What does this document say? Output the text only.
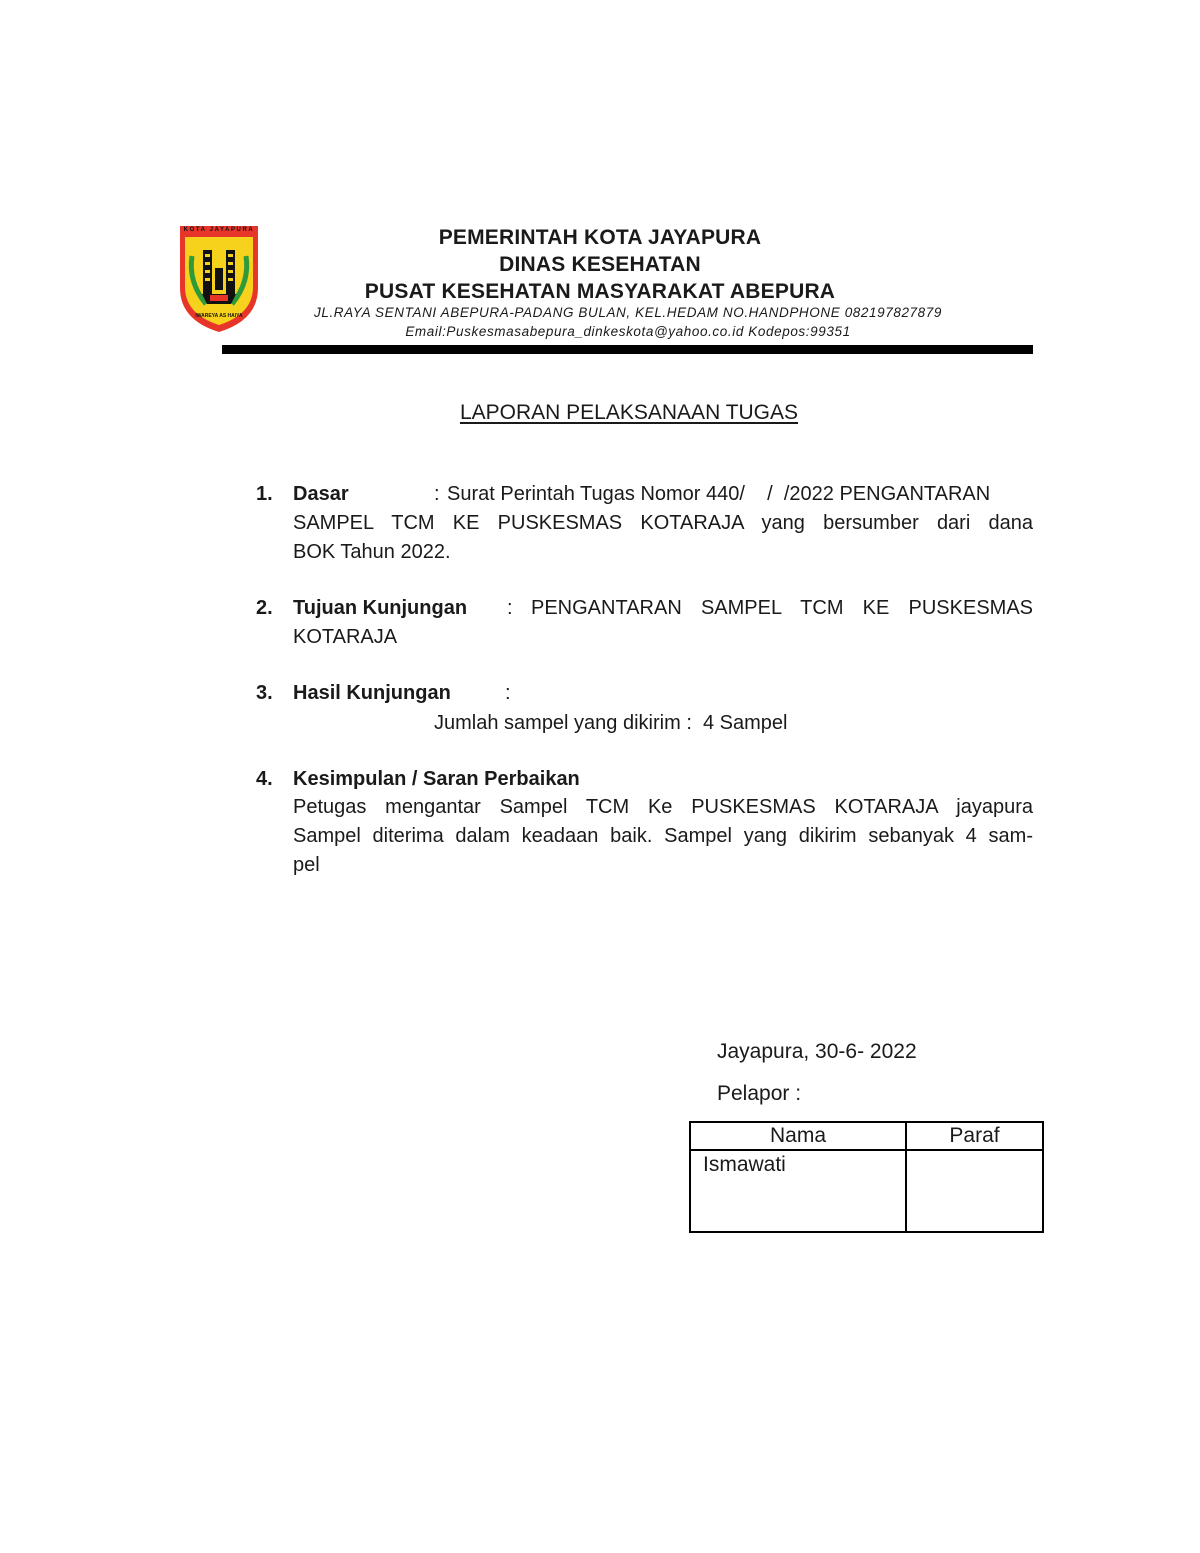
KOTA JAYAPURA
IWAREYA AS HAIYA
PEMERINTAH KOTA JAYAPURA
DINAS KESEHATAN
PUSAT KESEHATAN MASYARAKAT ABEPURA
JL.RAYA SENTANI ABEPURA-PADANG BULAN, KEL.HEDAM NO.HANDPHONE 082197827879
Email:Puskesmasabepura_dinkeskota@yahoo.co.id Kodepos:99351
LAPORAN PELAKSANAAN TUGAS
1. Dasar	: Surat Perintah Tugas Nomor 440/    /  /2022 PENGANTARAN
SAMPEL TCM KE PUSKESMAS KOTARAJA yang bersumber dari dana
BOK Tahun 2022.
2. Tujuan Kunjungan : PENGANTARAN SAMPEL TCM KE PUSKESMAS
KOTARAJA
3. Hasil Kunjungan	:
Jumlah sampel yang dikirim :  4 Sampel
4. Kesimpulan / Saran Perbaikan
Petugas mengantar Sampel TCM Ke PUSKESMAS KOTARAJA jayapura
Sampel diterima dalam keadaan baik. Sampel yang dikirim sebanyak 4 sam-
pel
Jayapura, 30-6- 2022
Pelapor :
Nama	Paraf
Ismawati	
